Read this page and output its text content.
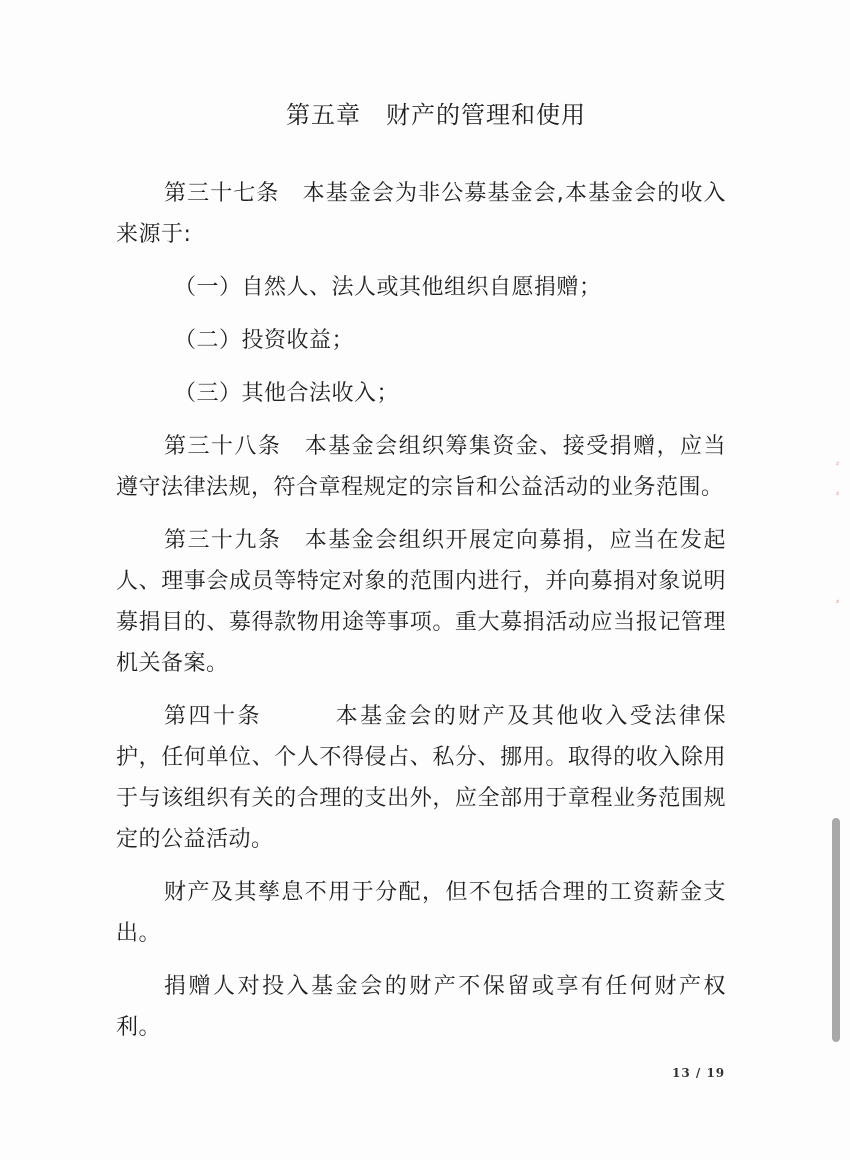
第五章　财产的管理和使用

第三十七条　 本基金会为非公募基金会,本基金会的收入来源于:

（一）自然人、法人或其他组织自愿捐赠；

（二）投资收益；

（三）其他合法收入；

第三十八条　 本基金会组织筹集资金、接受捐赠，应当遵守法律法规，符合章程规定的宗旨和公益活动的业务范围。

第三十九条　 本基金会组织开展定向募捐，应当在发起人、理事会成员等特定对象的范围内进行，并向募捐对象说明募捐目的、募得款物用途等事项。重大募捐活动应当报记管理机关备案。

第四十条　　　	本基金会的财产及其他收入受法律保护，任何单位、个人不得侵占、私分、挪用。取得的收入除用于与该组织有关的合理的支出外，应全部用于章程业务范围规定的公益活动。

财产及其孳息不用于分配，但不包括合理的工资薪金支出。

捐赠人对投入基金会的财产不保留或享有任何财产权利。

13 / 19
⸗
⸗
⸗
